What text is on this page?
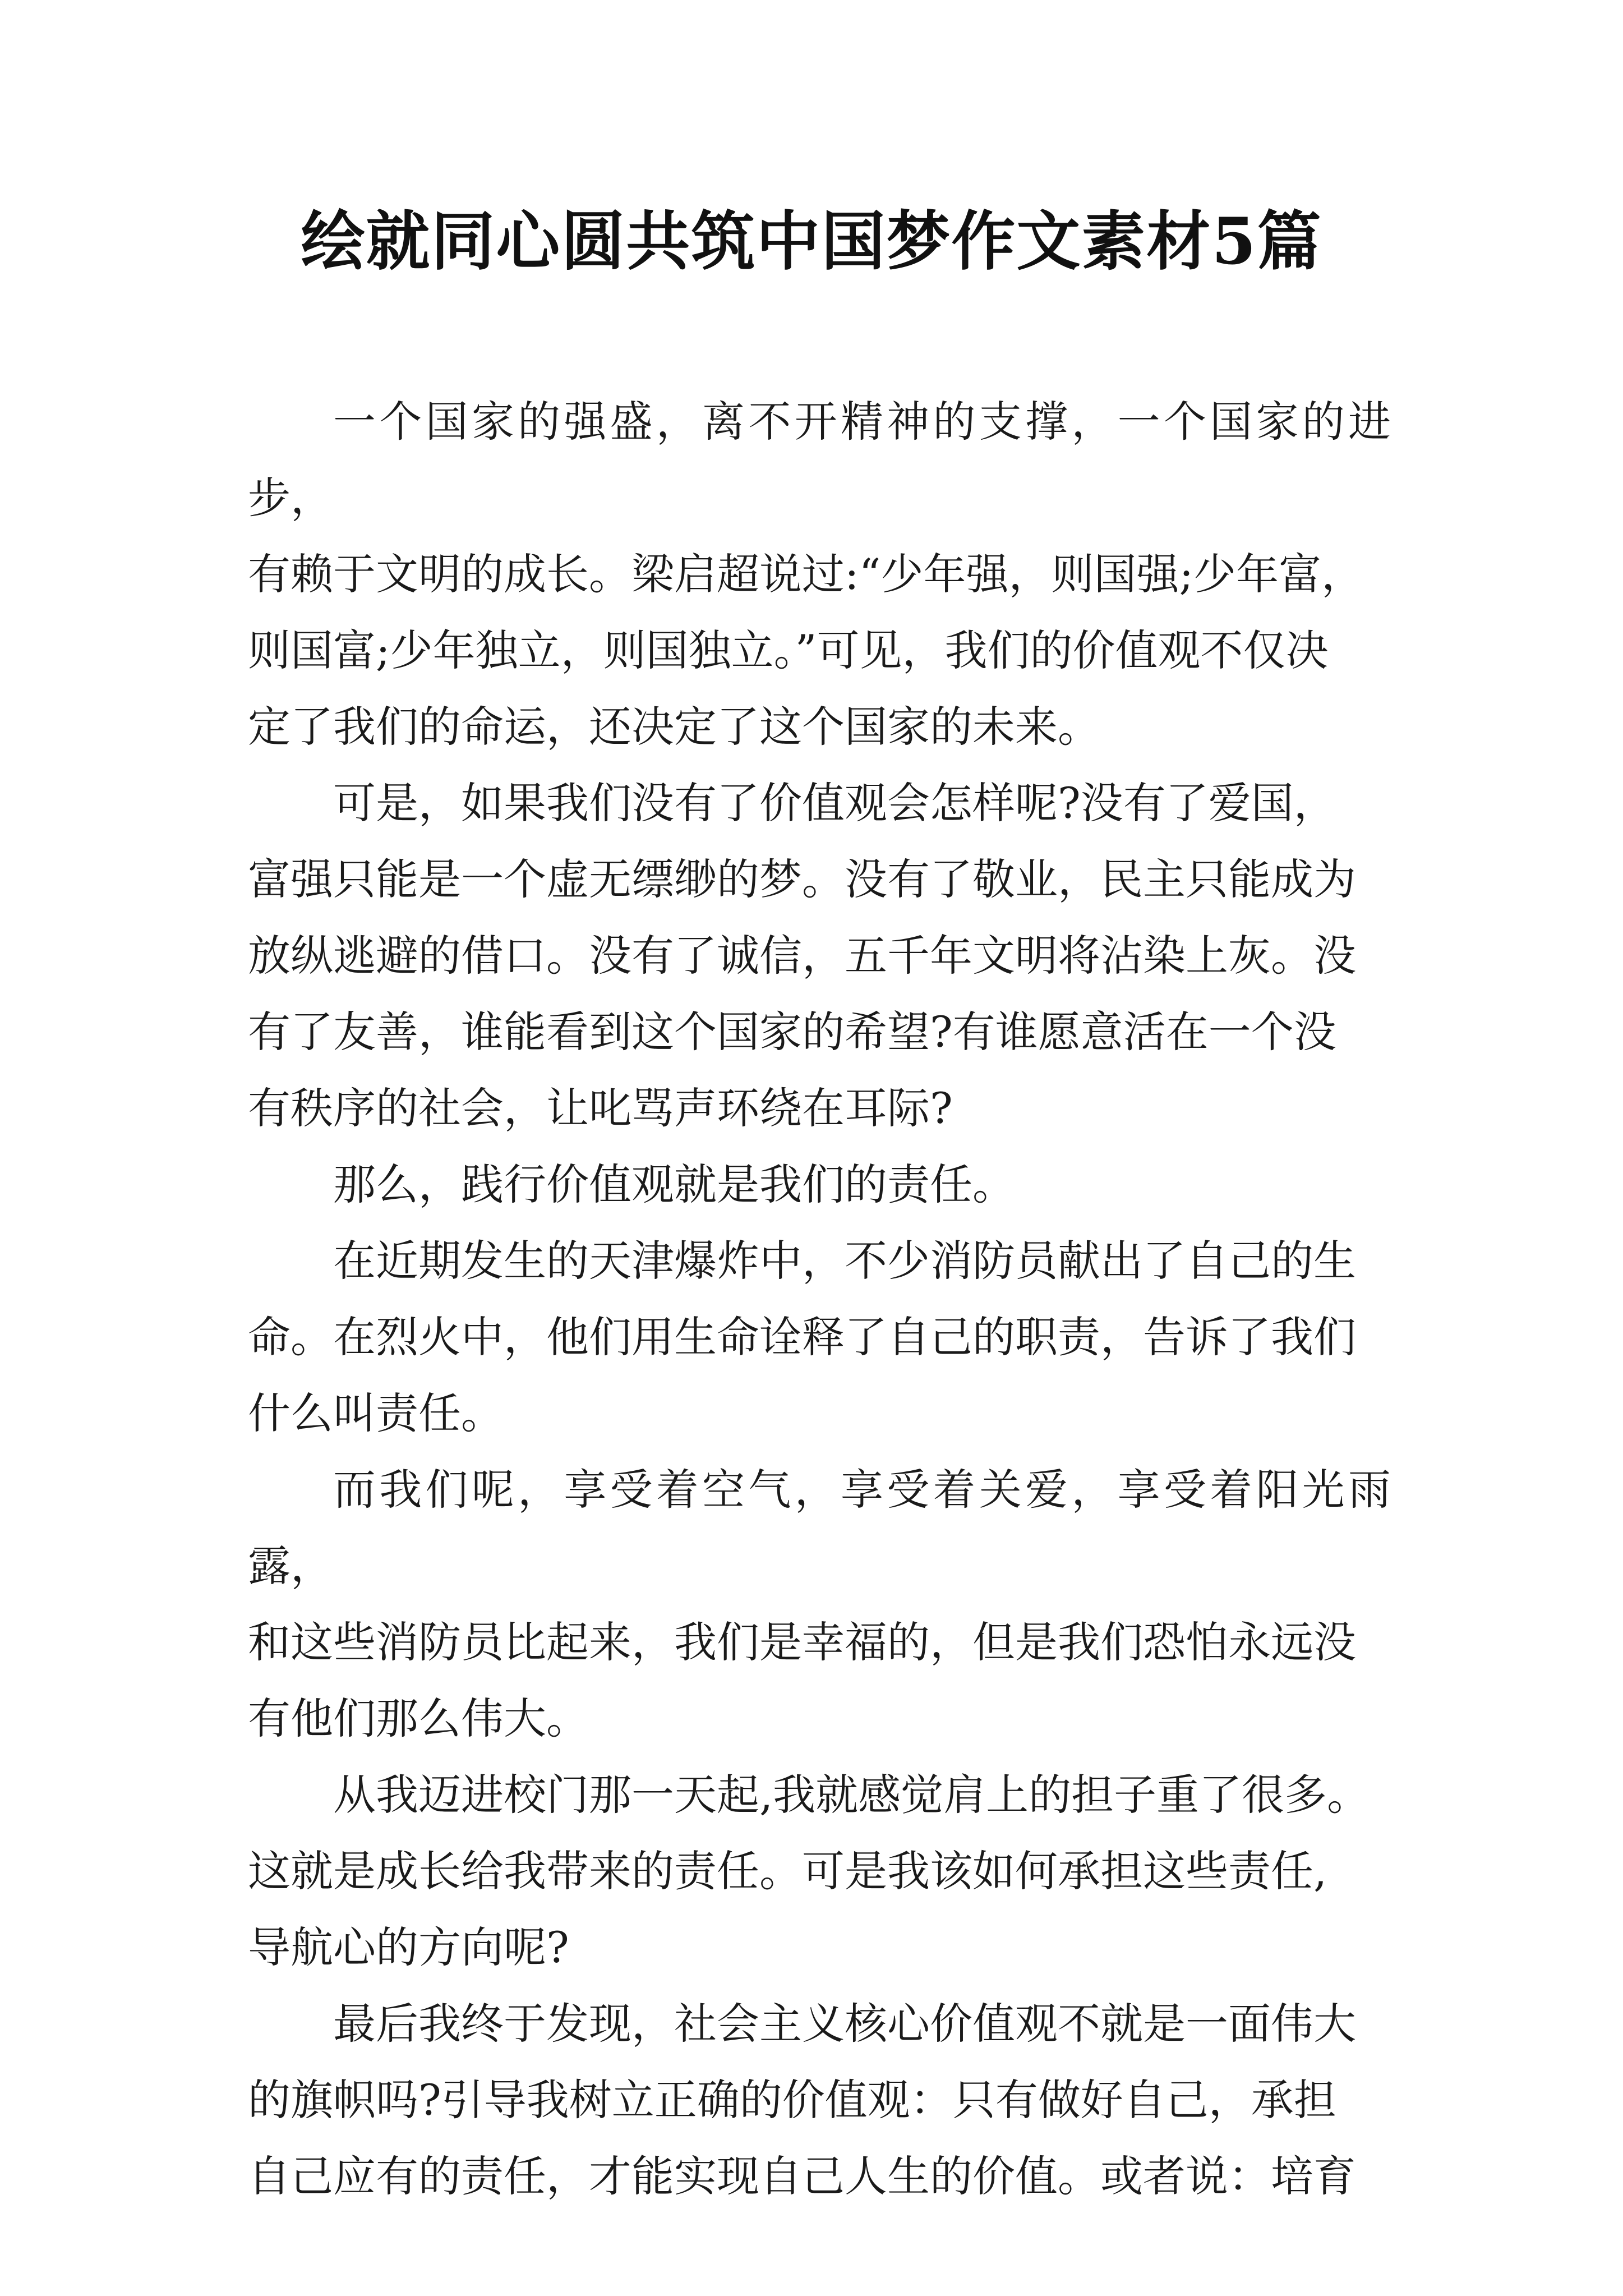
绘就同心圆共筑中国梦作文素材5篇

一个国家的强盛，离不开精神的支撑，一个国家的进步，
有赖于文明的成长。梁启超说过:“少年强，则国强;少年富，
则国富;少年独立，则国独立。”可见，我们的价值观不仅决
定了我们的命运，还决定了这个国家的未来。

可是，如果我们没有了价值观会怎样呢?没有了爱国，
富强只能是一个虚无缥缈的梦。没有了敬业，民主只能成为
放纵逃避的借口。没有了诚信，五千年文明将沾染上灰。没
有了友善，谁能看到这个国家的希望?有谁愿意活在一个没
有秩序的社会，让叱骂声环绕在耳际?

那么，践行价值观就是我们的责任。

在近期发生的天津爆炸中，不少消防员献出了自己的生
命。在烈火中，他们用生命诠释了自己的职责，告诉了我们
什么叫责任。

而我们呢，享受着空气，享受着关爱，享受着阳光雨露，
和这些消防员比起来，我们是幸福的，但是我们恐怕永远没
有他们那么伟大。

从我迈进校门那一天起,我就感觉肩上的担子重了很多。
这就是成长给我带来的责任。可是我该如何承担这些责任,
导航心的方向呢?

最后我终于发现，社会主义核心价值观不就是一面伟大
的旗帜吗?引导我树立正确的价值观：只有做好自己，承担
自己应有的责任，才能实现自己人生的价值。或者说：培育
